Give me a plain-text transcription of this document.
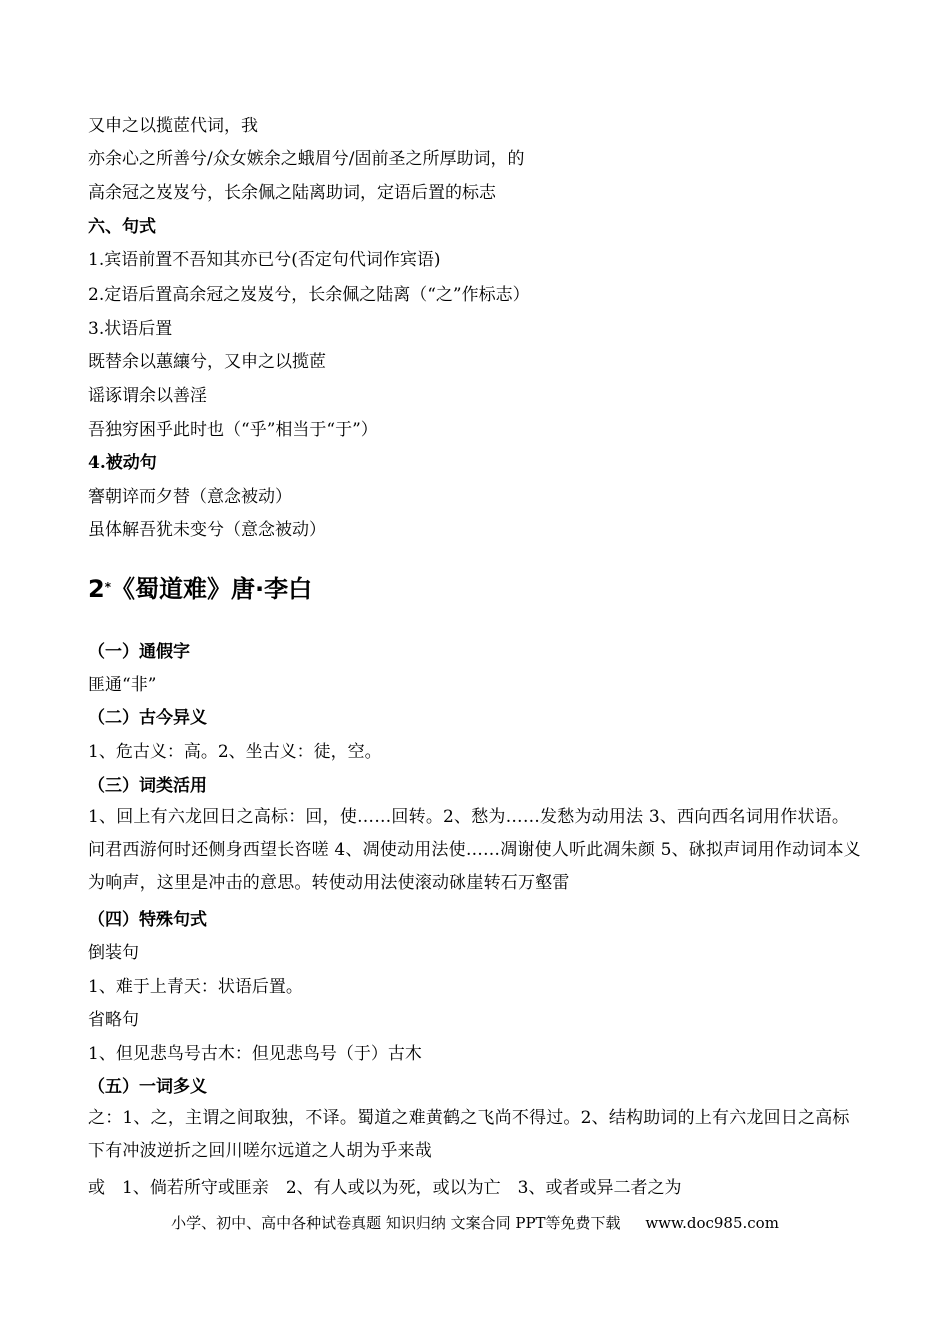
又申之以揽茝代词，我
亦余心之所善兮/众女嫉余之蛾眉兮/固前圣之所厚助词，的
高余冠之岌岌兮，长余佩之陆离助词，定语后置的标志
六、句式
1.宾语前置不吾知其亦已兮(否定句代词作宾语)
2.定语后置高余冠之岌岌兮，长余佩之陆离（“之”作标志）
3.状语后置
既替余以蕙纕兮，又申之以揽茝
谣诼谓余以善淫
吾独穷困乎此时也（“乎”相当于“于”）
4.被动句
謇朝谇而夕替（意念被动）
虽体解吾犹未变兮（意念被动）
2*《蜀道难》唐·李白
（一）通假字
匪通“非”
（二）古今异义
1、危古义：高。2、坐古义：徒，空。
（三）词类活用
1、回上有六龙回日之高标：回，使……回转。2、愁为……发愁为动用法 3、西向西名词用作状语。问君西游何时还侧身西望长咨嗟 4、凋使动用法使……凋谢使人听此凋朱颜 5、砯拟声词用作动词本义为响声，这里是冲击的意思。转使动用法使滚动砯崖转石万壑雷
（四）特殊句式
倒装句
1、难于上青天：状语后置。
省略句
1、但见悲鸟号古木：但见悲鸟号（于）古木
（五）一词多义
之：1、之，主谓之间取独，不译。蜀道之难黄鹤之飞尚不得过。2、结构助词的上有六龙回日之高标下有冲波逆折之回川嗟尔远道之人胡为乎来哉
或　1、倘若所守或匪亲　2、有人或以为死，或以为亡　3、或者或异二者之为
小学、初中、高中各种试卷真题 知识归纳 文案合同 PPT等免费下载 www.doc985.com
